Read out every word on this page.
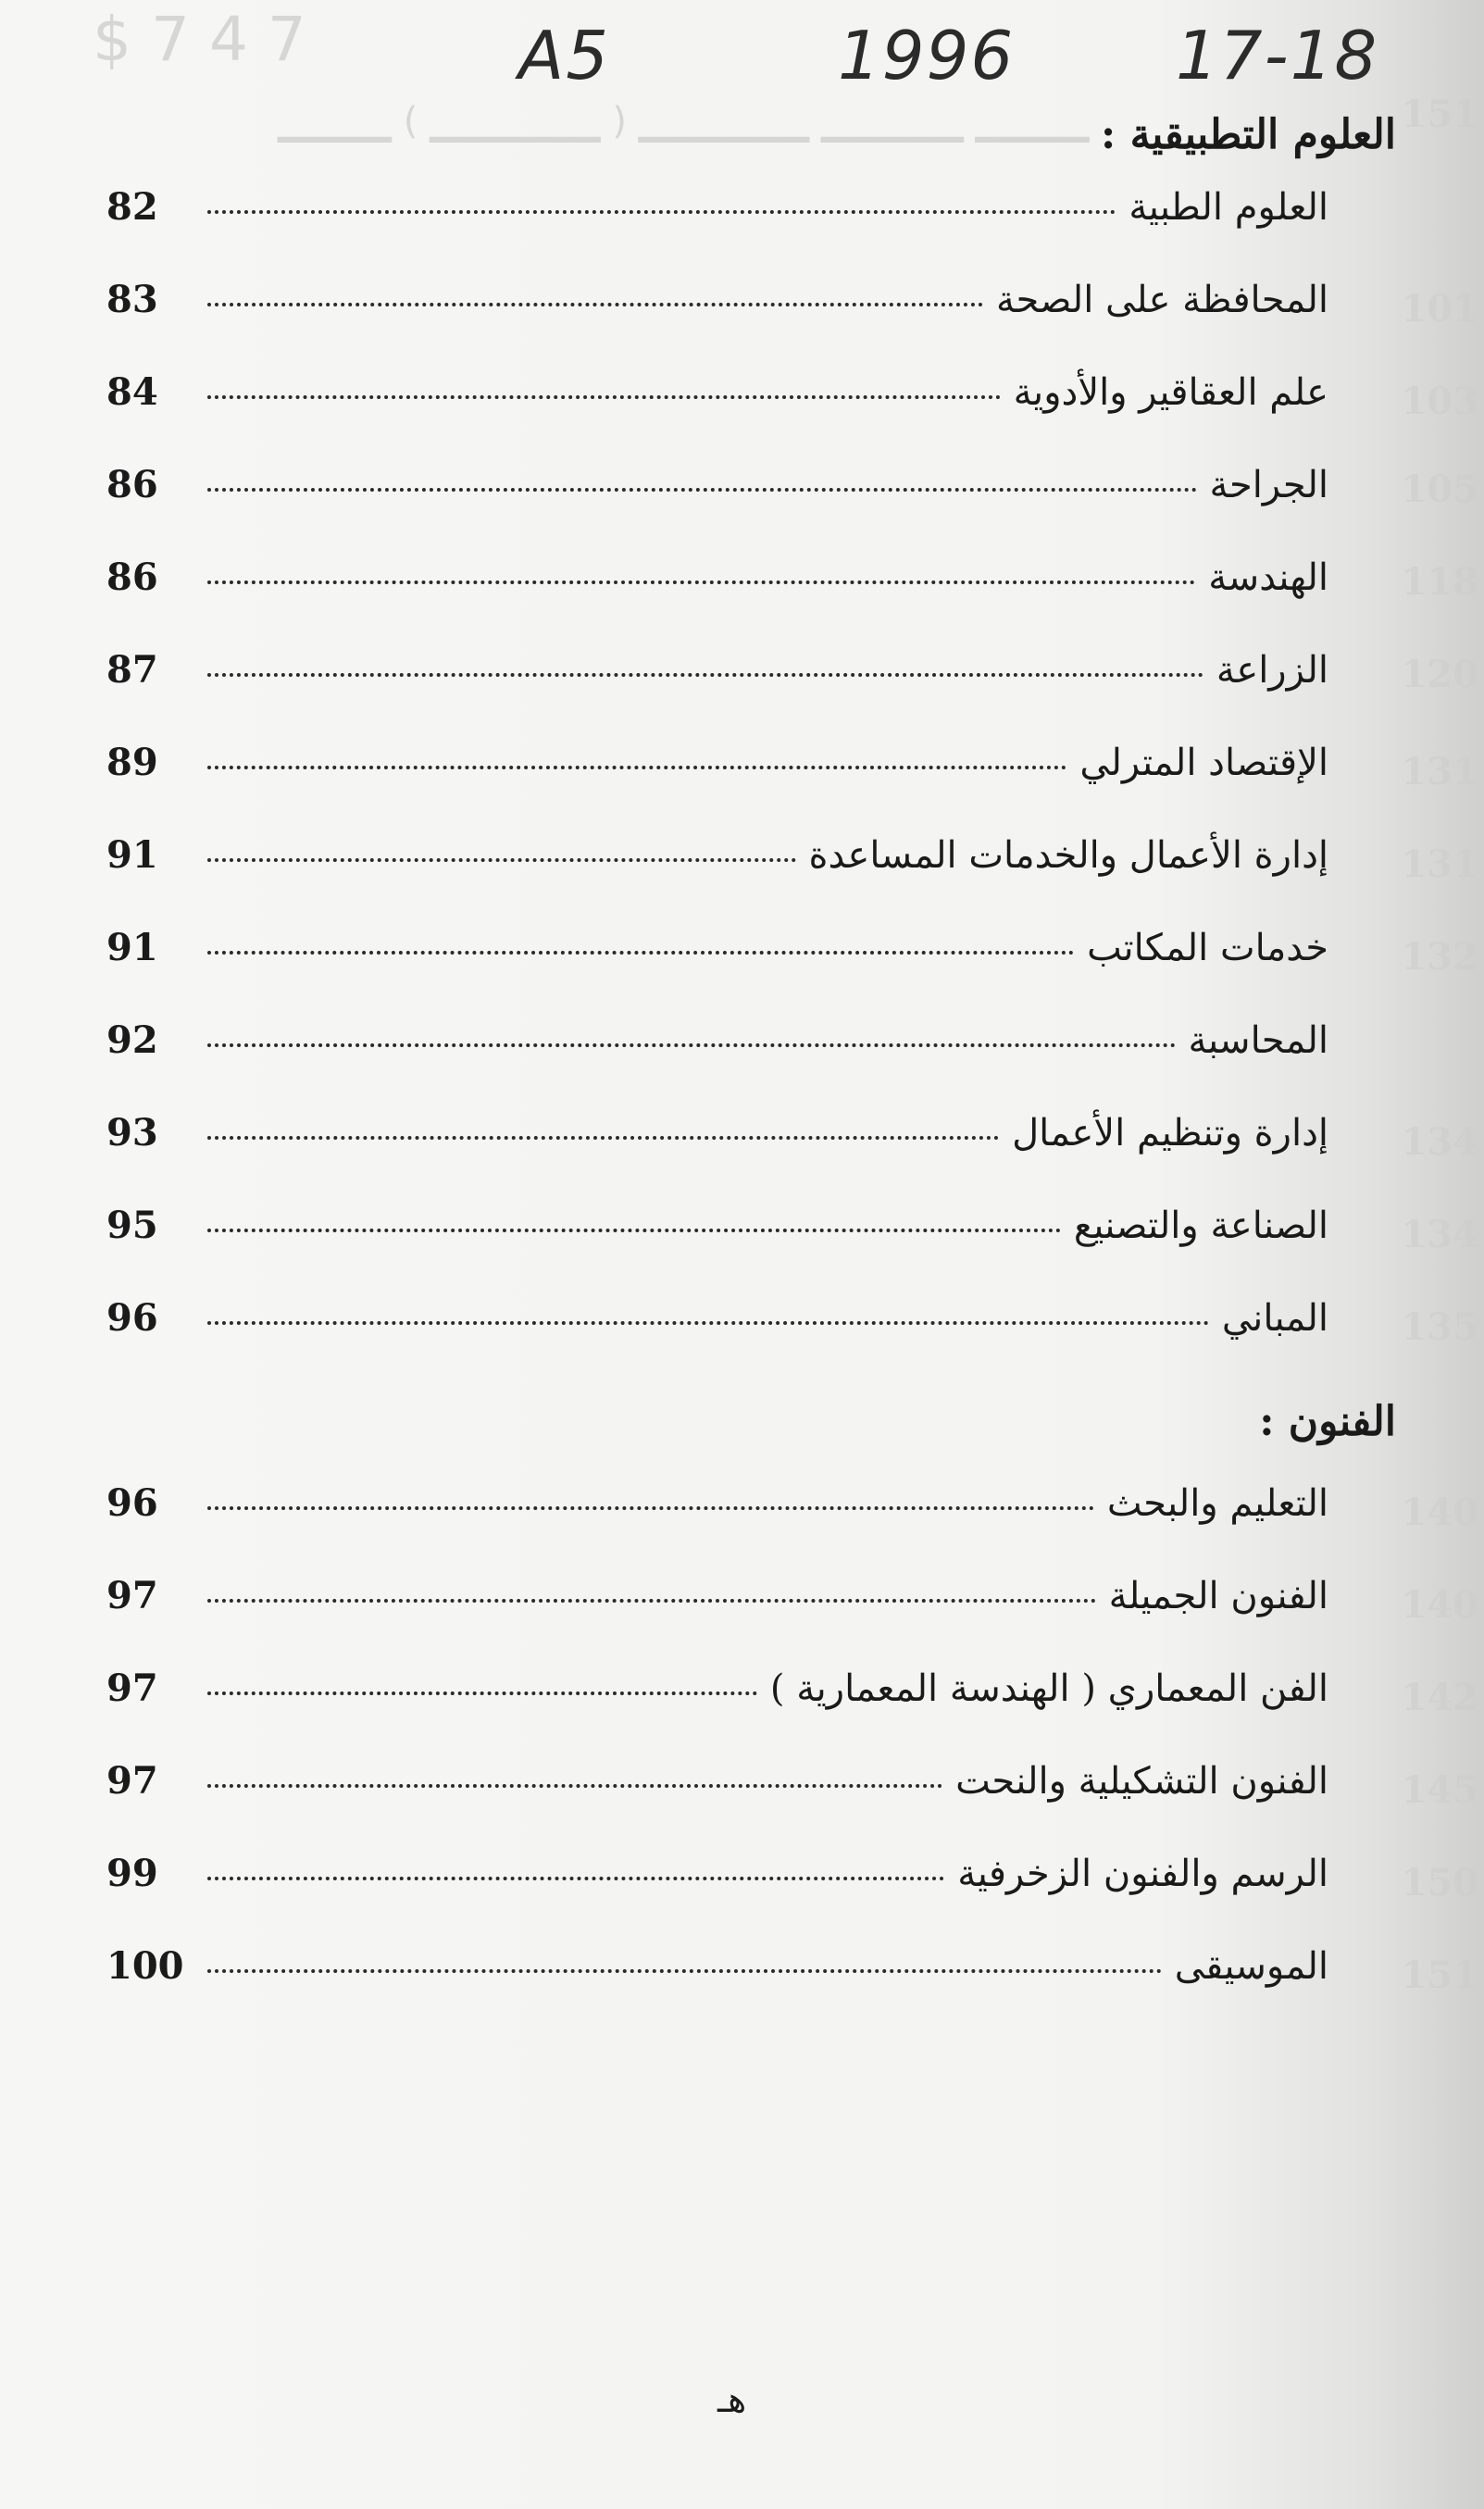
$ 7 4 7
▁▁▁▁ ▁▁▁▁▁ ▁▁▁▁▁▁ ( ▁▁▁▁▁▁ ) ▁▁▁▁	151
101
103
105
118
120
131
131
132
134
134
135
140
140
142
145
150
151
A5	1996 17-18
العلوم التطبيقية :
العلوم الطبية
82
المحافظة على الصحة
83
علم العقاقير والأدوية
84
الجراحة
86
الهندسة
86
الزراعة
87
الإقتصاد المترلي
89
إدارة الأعمال والخدمات المساعدة
91
خدمات المكاتب
91
المحاسبة
92
إدارة وتنظيم الأعمال
93
الصناعة والتصنيع
95
المباني
96
الفنون :
التعليم والبحث
96
الفنون الجميلة
97
الفن المعماري ( الهندسة المعمارية )
97
الفنون التشكيلية والنحت
97
الرسم والفنون الزخرفية
99
الموسيقى
100
هـ
